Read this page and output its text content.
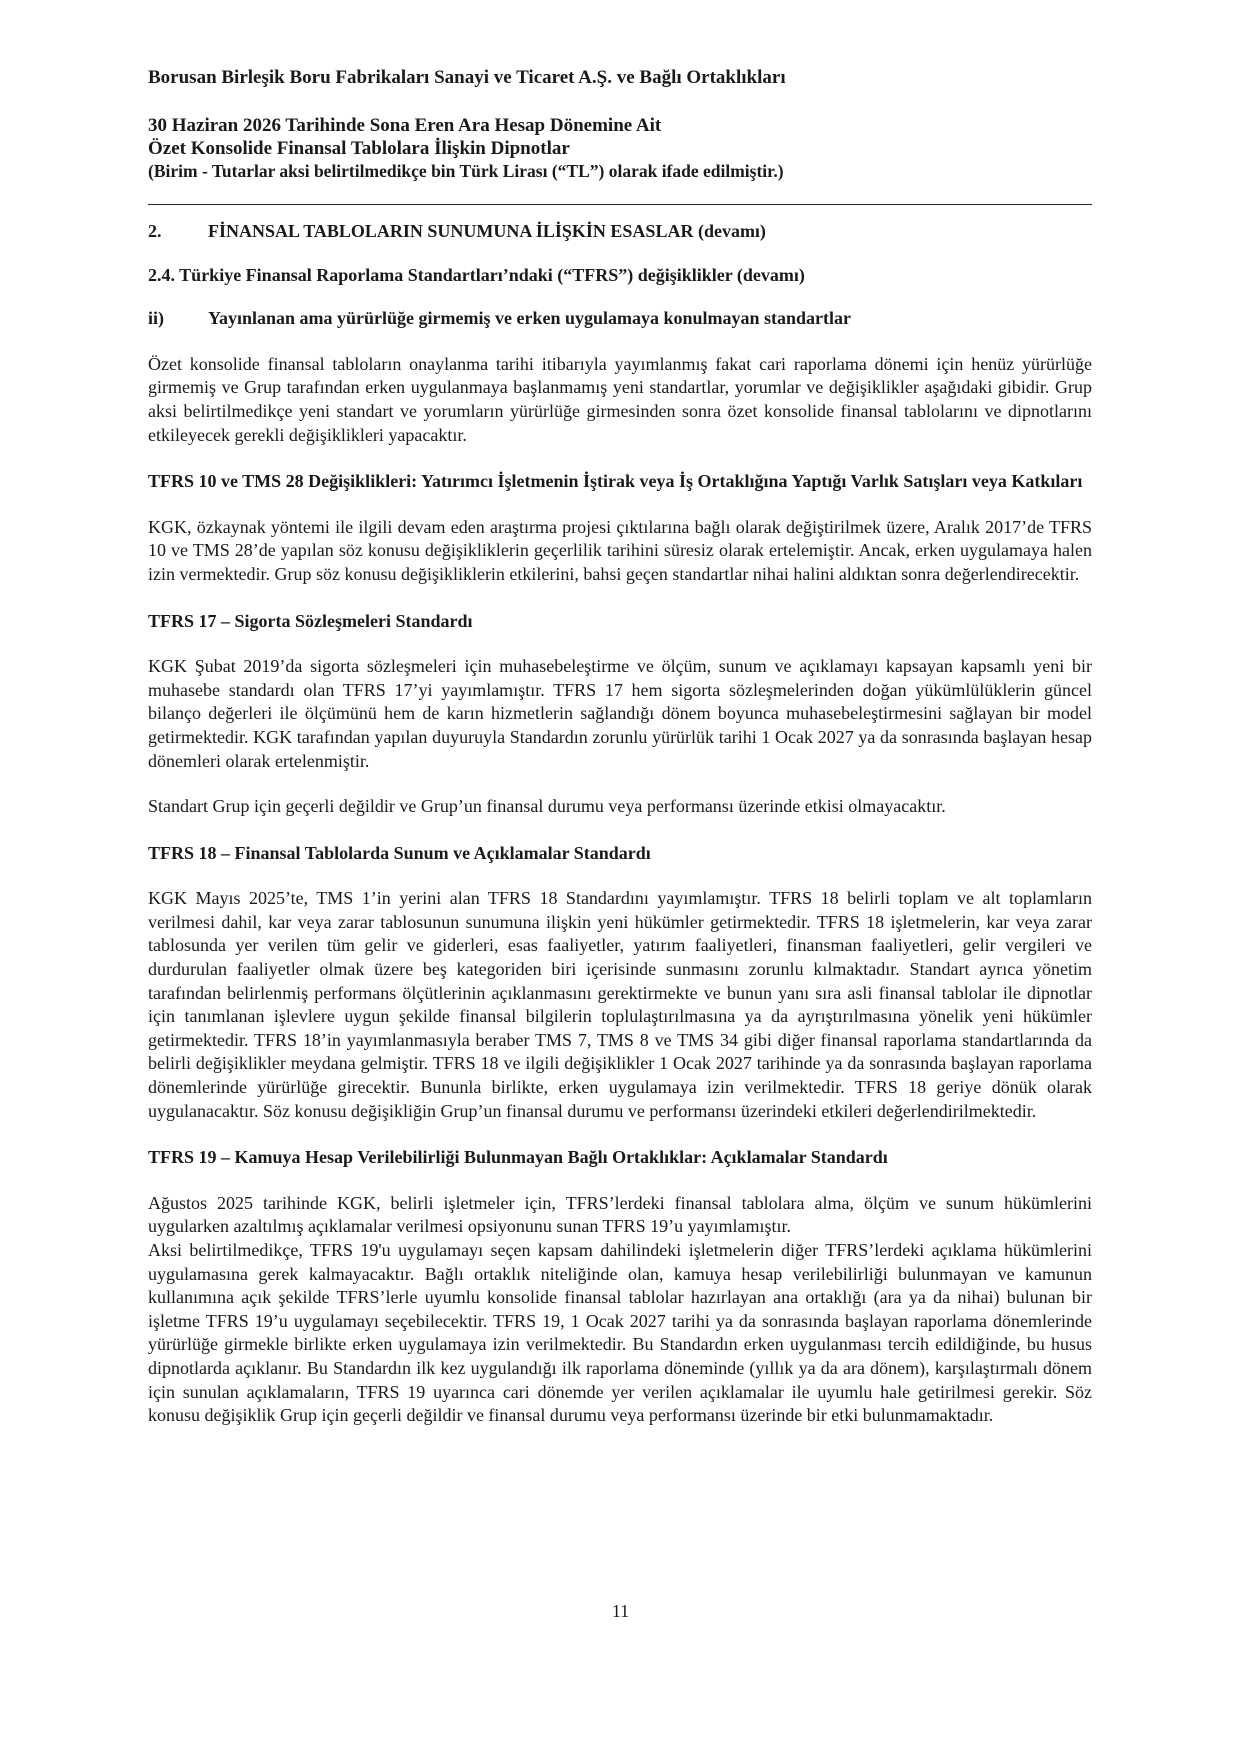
Borusan Birleşik Boru Fabrikaları Sanayi ve Ticaret A.Ş. ve Bağlı Ortaklıkları
30 Haziran 2026 Tarihinde Sona Eren Ara Hesap Dönemine Ait
Özet Konsolide Finansal Tablolara İlişkin Dipnotlar
(Birim - Tutarlar aksi belirtilmedikçe bin Türk Lirası (“TL”) olarak ifade edilmiştir.)
2.	FİNANSAL TABLOLARIN SUNUMUNA İLİŞKİN ESASLAR (devamı)

2.4. Türkiye Finansal Raporlama Standartları’ndaki (“TFRS”) değişiklikler (devamı)

ii)	Yayınlanan ama yürürlüğe girmemiş ve erken uygulamaya konulmayan standartlar

Özet konsolide finansal tabloların onaylanma tarihi itibarıyla yayımlanmış fakat cari raporlama dönemi için henüz yürürlüğe girmemiş ve Grup tarafından erken uygulanmaya başlanmamış yeni standartlar, yorumlar ve değişiklikler aşağıdaki gibidir. Grup aksi belirtilmedikçe yeni standart ve yorumların yürürlüğe girmesinden sonra özet konsolide finansal tablolarını ve dipnotlarını etkileyecek gerekli değişiklikleri yapacaktır.

TFRS 10 ve TMS 28 Değişiklikleri: Yatırımcı İşletmenin İştirak veya İş Ortaklığına Yaptığı Varlık Satışları veya Katkıları

KGK, özkaynak yöntemi ile ilgili devam eden araştırma projesi çıktılarına bağlı olarak değiştirilmek üzere, Aralık 2017’de TFRS 10 ve TMS 28’de yapılan söz konusu değişikliklerin geçerlilik tarihini süresiz olarak ertelemiştir. Ancak, erken uygulamaya halen izin vermektedir. Grup söz konusu değişikliklerin etkilerini, bahsi geçen standartlar nihai halini aldıktan sonra değerlendirecektir.

TFRS 17 – Sigorta Sözleşmeleri Standardı

KGK Şubat 2019’da sigorta sözleşmeleri için muhasebeleştirme ve ölçüm, sunum ve açıklamayı kapsayan kapsamlı yeni bir muhasebe standardı olan TFRS 17’yi yayımlamıştır. TFRS 17 hem sigorta sözleşmelerinden doğan yükümlülüklerin güncel bilanço değerleri ile ölçümünü hem de karın hizmetlerin sağlandığı dönem boyunca muhasebeleştirmesini sağlayan bir model getirmektedir. KGK tarafından yapılan duyuruyla Standardın zorunlu yürürlük tarihi 1 Ocak 2027 ya da sonrasında başlayan hesap dönemleri olarak ertelenmiştir.

Standart Grup için geçerli değildir ve Grup’un finansal durumu veya performansı üzerinde etkisi olmayacaktır.

TFRS 18 – Finansal Tablolarda Sunum ve Açıklamalar Standardı

KGK Mayıs 2025’te, TMS 1’in yerini alan TFRS 18 Standardını yayımlamıştır. TFRS 18 belirli toplam ve alt toplamların verilmesi dahil, kar veya zarar tablosunun sunumuna ilişkin yeni hükümler getirmektedir. TFRS 18 işletmelerin, kar veya zarar tablosunda yer verilen tüm gelir ve giderleri, esas faaliyetler, yatırım faaliyetleri, finansman faaliyetleri, gelir vergileri ve durdurulan faaliyetler olmak üzere beş kategoriden biri içerisinde sunmasını zorunlu kılmaktadır. Standart ayrıca yönetim tarafından belirlenmiş performans ölçütlerinin açıklanmasını gerektirmekte ve bunun yanı sıra asli finansal tablolar ile dipnotlar için tanımlanan işlevlere uygun şekilde finansal bilgilerin toplulaştırılmasına ya da ayrıştırılmasına yönelik yeni hükümler getirmektedir. TFRS 18’in yayımlanmasıyla beraber TMS 7, TMS 8 ve TMS 34 gibi diğer finansal raporlama standartlarında da belirli değişiklikler meydana gelmiştir. TFRS 18 ve ilgili değişiklikler 1 Ocak 2027 tarihinde ya da sonrasında başlayan raporlama dönemlerinde yürürlüğe girecektir. Bununla birlikte, erken uygulamaya izin verilmektedir. TFRS 18 geriye dönük olarak uygulanacaktır. Söz konusu değişikliğin Grup’un finansal durumu ve performansı üzerindeki etkileri değerlendirilmektedir.

TFRS 19 – Kamuya Hesap Verilebilirliği Bulunmayan Bağlı Ortaklıklar: Açıklamalar Standardı

Ağustos 2025 tarihinde KGK, belirli işletmeler için, TFRS’lerdeki finansal tablolara alma, ölçüm ve sunum hükümlerini uygularken azaltılmış açıklamalar verilmesi opsiyonunu sunan TFRS 19’u yayımlamıştır.

Aksi belirtilmedikçe, TFRS 19'u uygulamayı seçen kapsam dahilindeki işletmelerin diğer TFRS’lerdeki açıklama hükümlerini uygulamasına gerek kalmayacaktır. Bağlı ortaklık niteliğinde olan, kamuya hesap verilebilirliği bulunmayan ve kamunun kullanımına açık şekilde TFRS’lerle uyumlu konsolide finansal tablolar hazırlayan ana ortaklığı (ara ya da nihai) bulunan bir işletme TFRS 19’u uygulamayı seçebilecektir. TFRS 19, 1 Ocak 2027 tarihi ya da sonrasında başlayan raporlama dönemlerinde yürürlüğe girmekle birlikte erken uygulamaya izin verilmektedir. Bu Standardın erken uygulanması tercih edildiğinde, bu husus dipnotlarda açıklanır. Bu Standardın ilk kez uygulandığı ilk raporlama döneminde (yıllık ya da ara dönem), karşılaştırmalı dönem için sunulan açıklamaların, TFRS 19 uyarınca cari dönemde yer verilen açıklamalar ile uyumlu hale getirilmesi gerekir. Söz konusu değişiklik Grup için geçerli değildir ve finansal durumu veya performansı üzerinde bir etki bulunmamaktadır.

11
